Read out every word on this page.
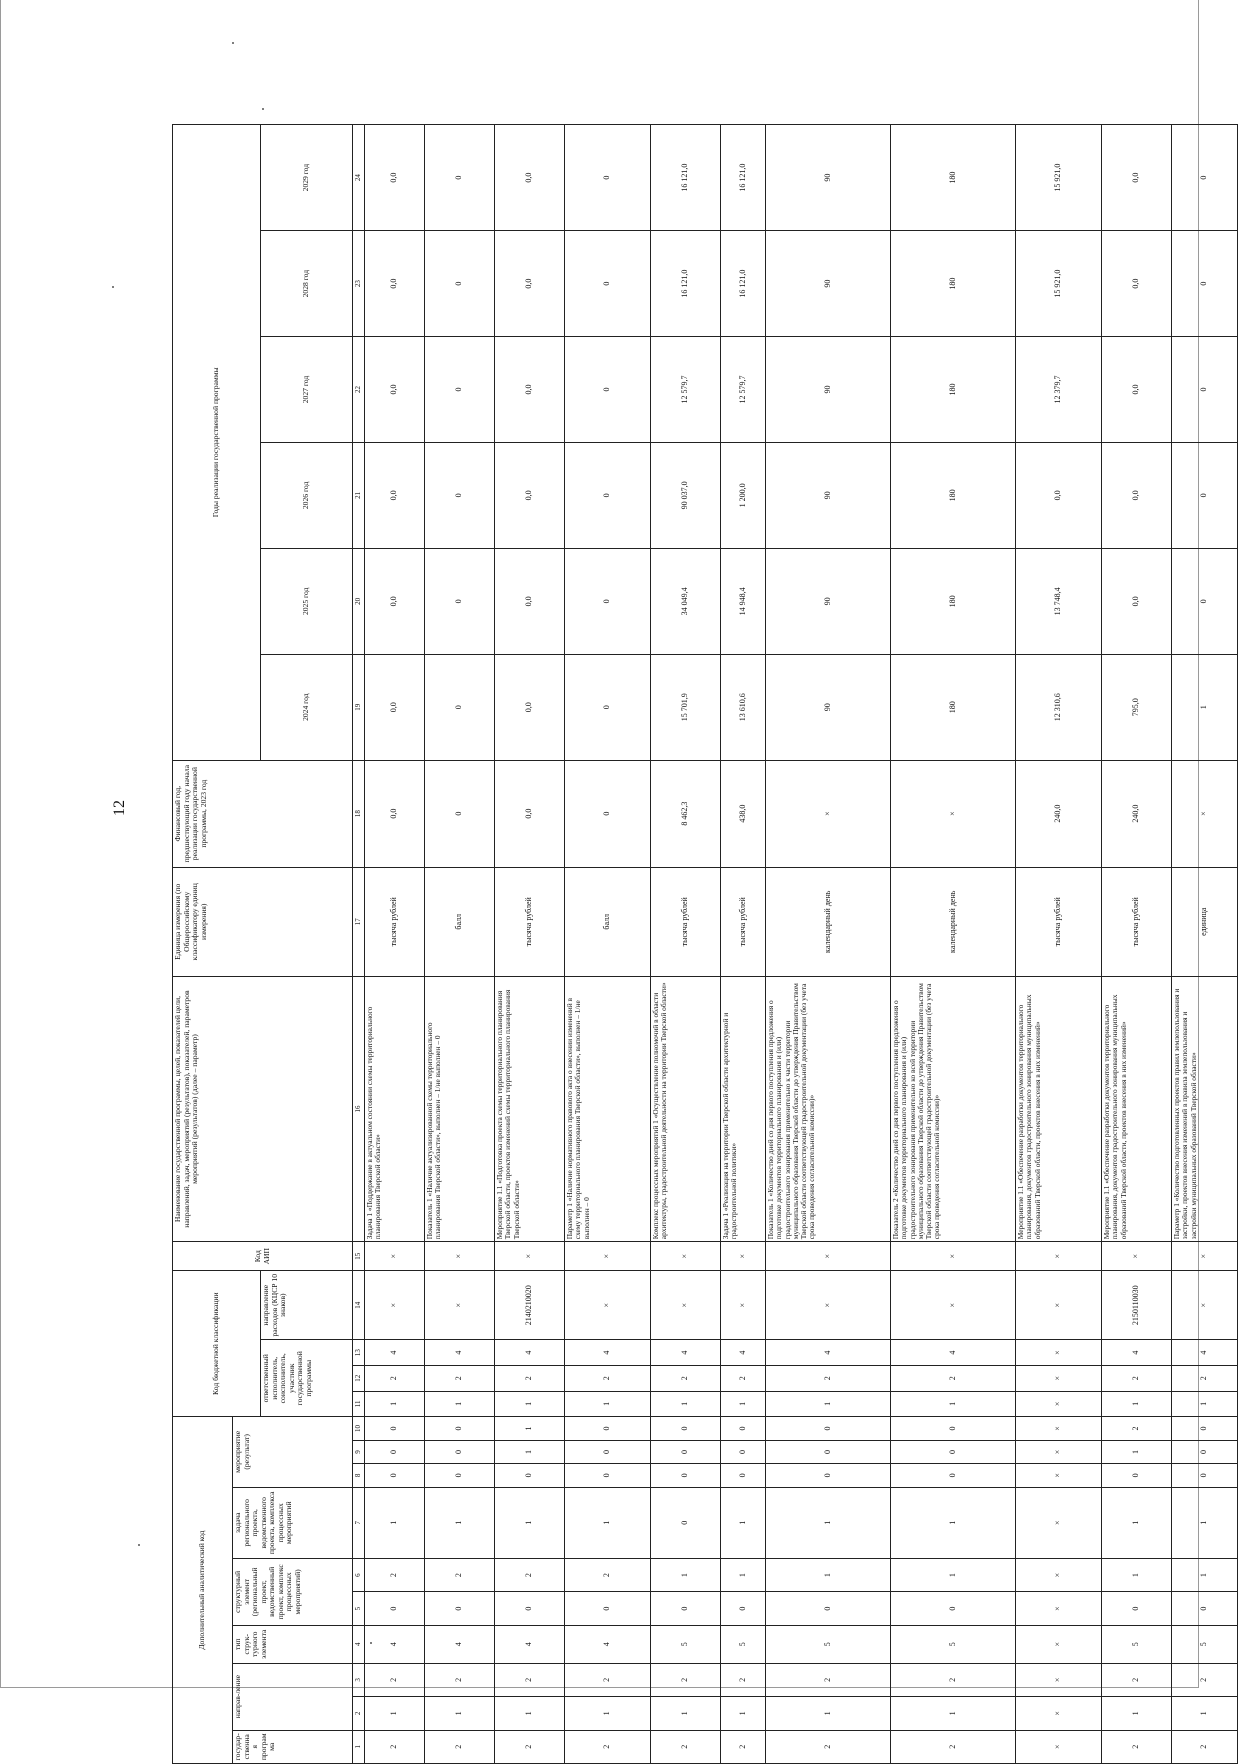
12
Дополнительный аналитический код										Код бюджетной классификации				Код АИП	Наименование государственной программы, целей, показателей цели, направлений, задач, мероприятий (результатов), показателей, параметров мероприятий (результатов) (далее – параметр)	Единица измерения (по Общероссийскому классификатору единиц измерения)	Финансовый год, предшествующий году начала реализации государственной программы, 2023 год	Годы реализации государственной программы					
государ-ственная программа	направ-ление		тип струк-турного элемента	структурный элемент (региональный проект, ведомственный проект, комплекс процессных мероприятий)		задача регионального проекта, ведомственного проекта, комплекса процессных мероприятий	мероприятие (результат)																
										ответственный исполнитель, соисполнитель, участник государственной программы			направление расходов (КЦСР 10 знаков)					2024 год	2025 год	2026 год	2027 год	2028 год	2029 год
1	2	3	4	5	6	7	8	9	10	11	12	13	14	15	16	17	18	19	20	21	22	23	24
2	1	2	4	0	2	1	0	0	0	1	2	4	×	×	Задача 1 «Поддержание в актуальном состоянии схемы территориального планирования Тверской области»	тысяча рублей	0,0	0,0	0,0	0,0	0,0	0,0	0,0
2	1	2	4	0	2	1	0	0	0	1	2	4	×	×	Показатель 1 «Наличие актуализированной схемы территориального планирования Тверской области», выполнен – 1/не выполнен – 0	балл	0	0	0	0	0	0	0
2	1	2	4	0	2	1	0	1	1	1	2	4	2140210020	×	Мероприятие 1.1 «Подготовка проекта схемы территориального планирования Тверской области, проектов изменений схемы территориального планирования Тверской области»	тысяча рублей	0,0	0,0	0,0	0,0	0,0	0,0	0,0
2	1	2	4	0	2	1	0	0	0	1	2	4	×	×	Параметр 1 «Наличие нормативного правового акта о внесении изменений в схему территориального планирования Тверской области», выполнен – 1/не выполнен – 0	балл	0	0	0	0	0	0	0
2	1	2	5	0	1	0	0	0	0	1	2	4	×	×	Комплекс процессных мероприятий 1 «Осуществление полномочий в области архитектуры, градостроительной деятельности на территории Тверской области»	тысяча рублей	8 462,3	15 701,9	34 049,4	90 037,0	12 579,7	16 121,0	16 121,0
2	1	2	5	0	1	1	0	0	0	1	2	4	×	×	Задача 1 «Реализация на территории Тверской области архитектурной и градостроительной политики»	тысяча рублей	438,0	13 610,6	14 948,4	1 200,0	12 579,7	16 121,0	16 121,0
2	1	2	5	0	1	1	0	0	0	1	2	4	×	×	Показатель 1 «Количество дней со дня первого поступления предложения о подготовке документов территориального планирования и (или) градостроительного зонирования применительно к части территории муниципального образования Тверской области до утверждения Правительством Тверской области соответствующей градостроительной документации (без учета срока проведения согласительной комиссии)»	календарный день	×	90	90	90	90	90	90
2	1	2	5	0	1	1	0	0	0	1	2	4	×	×	Показатель 2 «Количество дней со дня первого поступления предложения о подготовке документов территориального планирования и (или) градостроительного зонирования применительно ко всей территории муниципального образования Тверской области до утверждения Правительством Тверской области соответствующей градостроительной документации (без учета срока проведения согласительной комиссии)»	календарный день	×	180	180	180	180	180	180
×	×	×	×	×	×	×	×	×	×	×	×	×	×	×	Мероприятие 1.1 «Обеспечение разработки документов территориального планирования, документов градостроительного зонирования муниципальных образований Тверской области, проектов внесения в них изменений»	тысяча рублей	240,0	12 310,6	13 748,4	0,0	12 379,7	15 921,0	15 921,0
2	1	2	5	0	1	1	0	1	2	1	2	4	2150110030	×	Мероприятие 1.1 «Обеспечение разработки документов территориального планирования, документов градостроительного зонирования муниципальных образований Тверской области, проектов внесения в них изменений»	тысяча рублей	240,0	795,0	0,0	0,0	0,0	0,0	0,0
2	1	2	5	0	1	1	0	0	0	1	2	4	×	×	Параметр 1 «Количество подготовленных проектов правил землепользования и застройки, проектов внесения изменений в правила землепользования и застройки муниципальных образований Тверской области»	единица	×	1	0	0	0	0	0
